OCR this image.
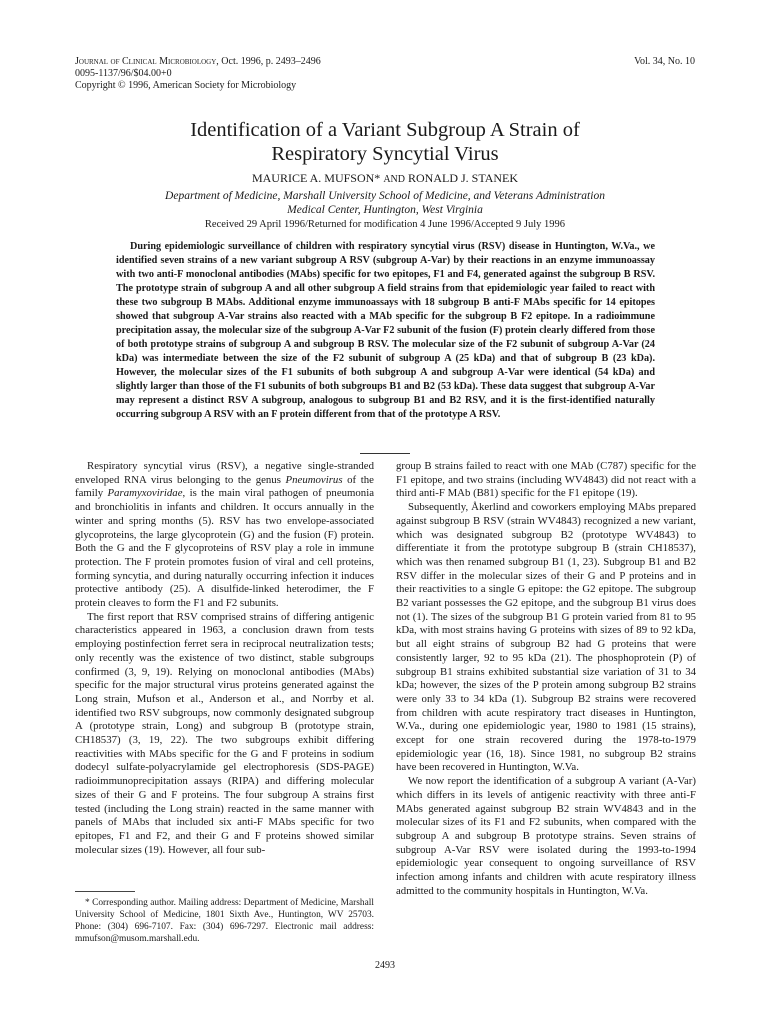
Journal of Clinical Microbiology, Oct. 1996, p. 2493–2496
0095-1137/96/$04.00+0
Copyright © 1996, American Society for Microbiology
Vol. 34, No. 10
Identification of a Variant Subgroup A Strain of
Respiratory Syncytial Virus
MAURICE A. MUFSON* AND RONALD J. STANEK
Department of Medicine, Marshall University School of Medicine, and Veterans Administration
Medical Center, Huntington, West Virginia
Received 29 April 1996/Returned for modification 4 June 1996/Accepted 9 July 1996
During epidemiologic surveillance of children with respiratory syncytial virus (RSV) disease in Huntington, W.Va., we identified seven strains of a new variant subgroup A RSV (subgroup A-Var) by their reactions in an enzyme immunoassay with two anti-F monoclonal antibodies (MAbs) specific for two epitopes, F1 and F4, generated against the subgroup B RSV. The prototype strain of subgroup A and all other subgroup A field strains from that epidemiologic year failed to react with these two subgroup B MAbs. Additional enzyme immunoassays with 18 subgroup B anti-F MAbs specific for 14 epitopes showed that subgroup A-Var strains also reacted with a MAb specific for the subgroup B F2 epitope. In a radioimmune precipitation assay, the molecular size of the subgroup A-Var F2 subunit of the fusion (F) protein clearly differed from those of both prototype strains of subgroup A and subgroup B RSV. The molecular size of the F2 subunit of subgroup A-Var (24 kDa) was intermediate between the size of the F2 subunit of subgroup A (25 kDa) and that of subgroup B (23 kDa). However, the molecular sizes of the F1 subunits of both subgroup A and subgroup A-Var were identical (54 kDa) and slightly larger than those of the F1 subunits of both subgroups B1 and B2 (53 kDa). These data suggest that subgroup A-Var may represent a distinct RSV A subgroup, analogous to subgroup B1 and B2 RSV, and it is the first-identified naturally occurring subgroup A RSV with an F protein different from that of the prototype A RSV.

Respiratory syncytial virus (RSV), a negative single-stranded enveloped RNA virus belonging to the genus Pneumovirus of the family Paramyxoviridae, is the main viral pathogen of pneumonia and bronchiolitis in infants and children. It occurs annually in the winter and spring months (5). RSV has two envelope-associated glycoproteins, the large glycoprotein (G) and the fusion (F) protein. Both the G and the F glycoproteins of RSV play a role in immune protection. The F protein promotes fusion of viral and cell proteins, forming syncytia, and during naturally occurring infection it induces protective antibody (25). A disulfide-linked heterodimer, the F protein cleaves to form the F1 and F2 subunits.

The first report that RSV comprised strains of differing antigenic characteristics appeared in 1963, a conclusion drawn from tests employing postinfection ferret sera in reciprocal neutralization tests; only recently was the existence of two distinct, stable subgroups confirmed (3, 9, 19). Relying on monoclonal antibodies (MAbs) specific for the major structural virus proteins generated against the Long strain, Mufson et al., Anderson et al., and Norrby et al. identified two RSV subgroups, now commonly designated subgroup A (prototype strain, Long) and subgroup B (prototype strain, CH18537) (3, 19, 22). The two subgroups exhibit differing reactivities with MAbs specific for the G and F proteins in sodium dodecyl sulfate-polyacrylamide gel electrophoresis (SDS-PAGE) radioimmunoprecipitation assays (RIPA) and differing molecular sizes of their G and F proteins. The four subgroup A strains first tested (including the Long strain) reacted in the same manner with panels of MAbs that included six anti-F MAbs specific for two epitopes, F1 and F2, and their G and F proteins showed similar molecular sizes (19). However, all four sub-

* Corresponding author. Mailing address: Department of Medicine, Marshall University School of Medicine, 1801 Sixth Ave., Huntington, WV 25703. Phone: (304) 696-7107. Fax: (304) 696-7297. Electronic mail address: mmufson@musom.marshall.edu.

group B strains failed to react with one MAb (C787) specific for the F1 epitope, and two strains (including WV4843) did not react with a third anti-F MAb (B81) specific for the F1 epitope (19).

Subsequently, Åkerlind and coworkers employing MAbs prepared against subgroup B RSV (strain WV4843) recognized a new variant, which was designated subgroup B2 (prototype WV4843) to differentiate it from the prototype subgroup B (strain CH18537), which was then renamed subgroup B1 (1, 23). Subgroup B1 and B2 RSV differ in the molecular sizes of their G and P proteins and in their reactivities to a single G epitope: the G2 epitope. The subgroup B2 variant possesses the G2 epitope, and the subgroup B1 virus does not (1). The sizes of the subgroup B1 G protein varied from 81 to 95 kDa, with most strains having G proteins with sizes of 89 to 92 kDa, but all eight strains of subgroup B2 had G proteins that were consistently larger, 92 to 95 kDa (21). The phosphoprotein (P) of subgroup B1 strains exhibited substantial size variation of 31 to 34 kDa; however, the sizes of the P protein among subgroup B2 strains were only 33 to 34 kDa (1). Subgroup B2 strains were recovered from children with acute respiratory tract diseases in Huntington, W.Va., during one epidemiologic year, 1980 to 1981 (15 strains), except for one strain recovered during the 1978-to-1979 epidemiologic year (16, 18). Since 1981, no subgroup B2 strains have been recovered in Huntington, W.Va.

We now report the identification of a subgroup A variant (A-Var) which differs in its levels of antigenic reactivity with three anti-F MAbs generated against subgroup B2 strain WV4843 and in the molecular sizes of its F1 and F2 subunits, when compared with the subgroup A and subgroup B prototype strains. Seven strains of subgroup A-Var RSV were isolated during the 1993-to-1994 epidemiologic year consequent to ongoing surveillance of RSV infection among infants and children with acute respiratory illness admitted to the community hospitals in Huntington, W.Va.

2493
